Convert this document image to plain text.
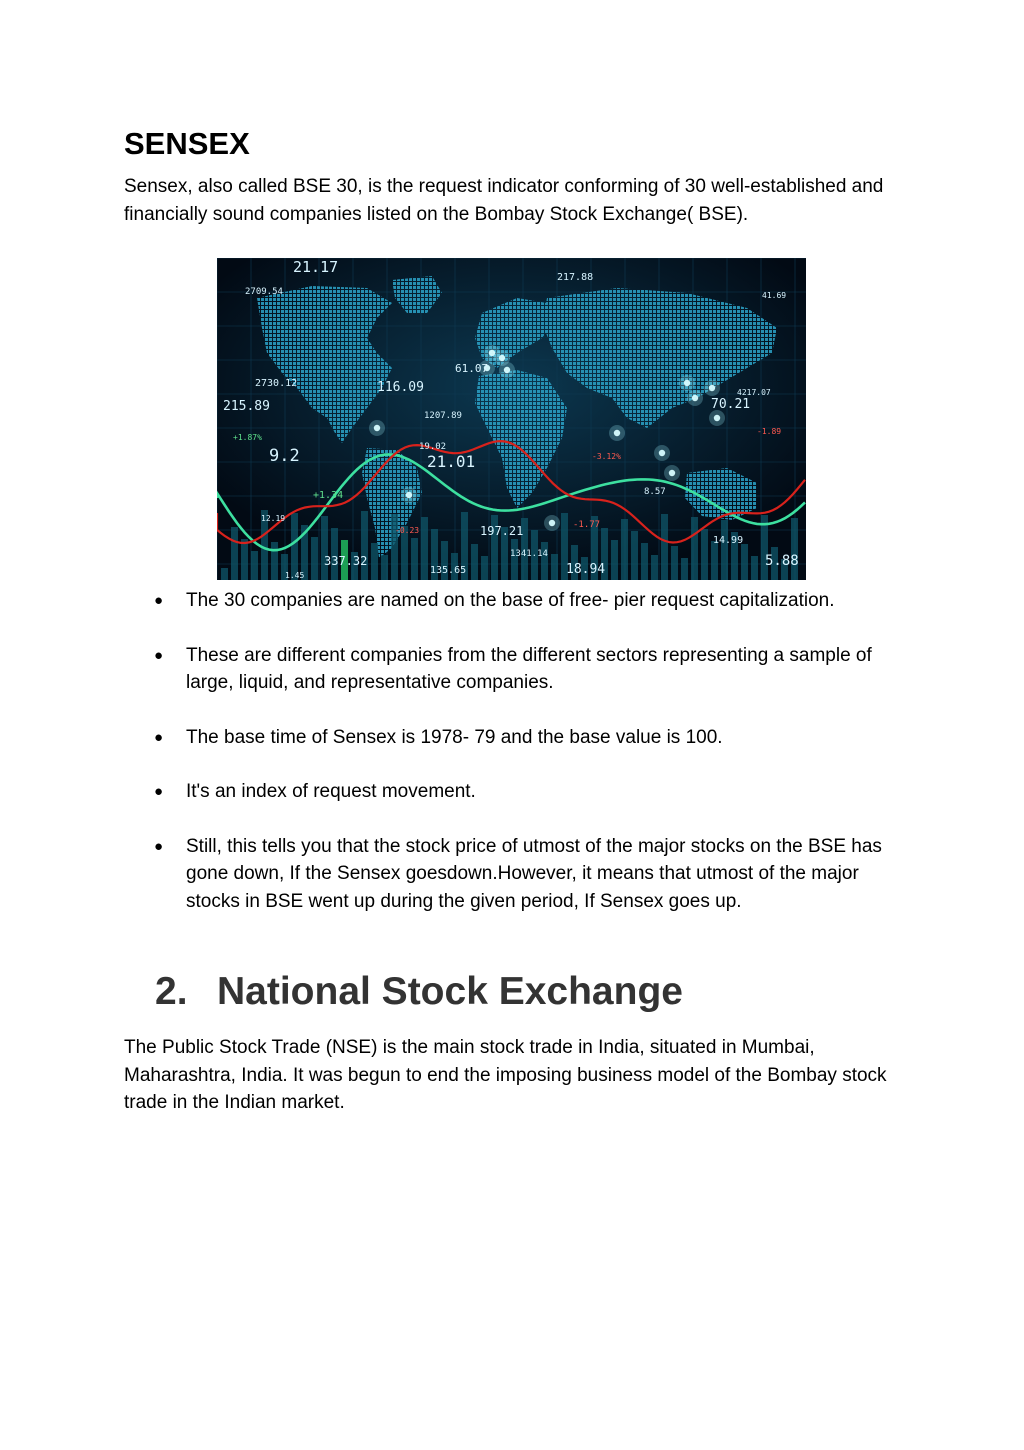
SENSEX

Sensex, also called BSE 30, is the request indicator conforming of 30 well-established and financially sound companies listed on the Bombay Stock Exchange( BSE).

21.17
2709.54
217.88
41.69
2730.12	116.09
61.07
4217.07
215.89
1207.89
70.21
-1.89
+1.87%
9.2	19.02
21.01	-3.12%
+1.34	8.57
12.19
197.21	-1.77
14.99
1341.14
337.32
135.65	18.94
5.88
-0.23
1.45
● The 30 companies are named on the base of free- pier request capitalization.
● These are different companies from the different sectors representing a sample of large, liquid, and representative companies.
● The base time of Sensex is 1978- 79 and the base value is 100.
● It's an index of request movement.
● Still, this tells you that the stock price of utmost of the major stocks on the BSE has gone down, If the Sensex goesdown.However, it means that utmost of the major stocks in BSE went up during the given period, If Sensex goes up.
2. National Stock Exchange

The Public Stock Trade (NSE) is the main stock trade in India, situated in Mumbai, Maharashtra, India. It was begun to end the imposing business model of the Bombay stock trade in the Indian market.
